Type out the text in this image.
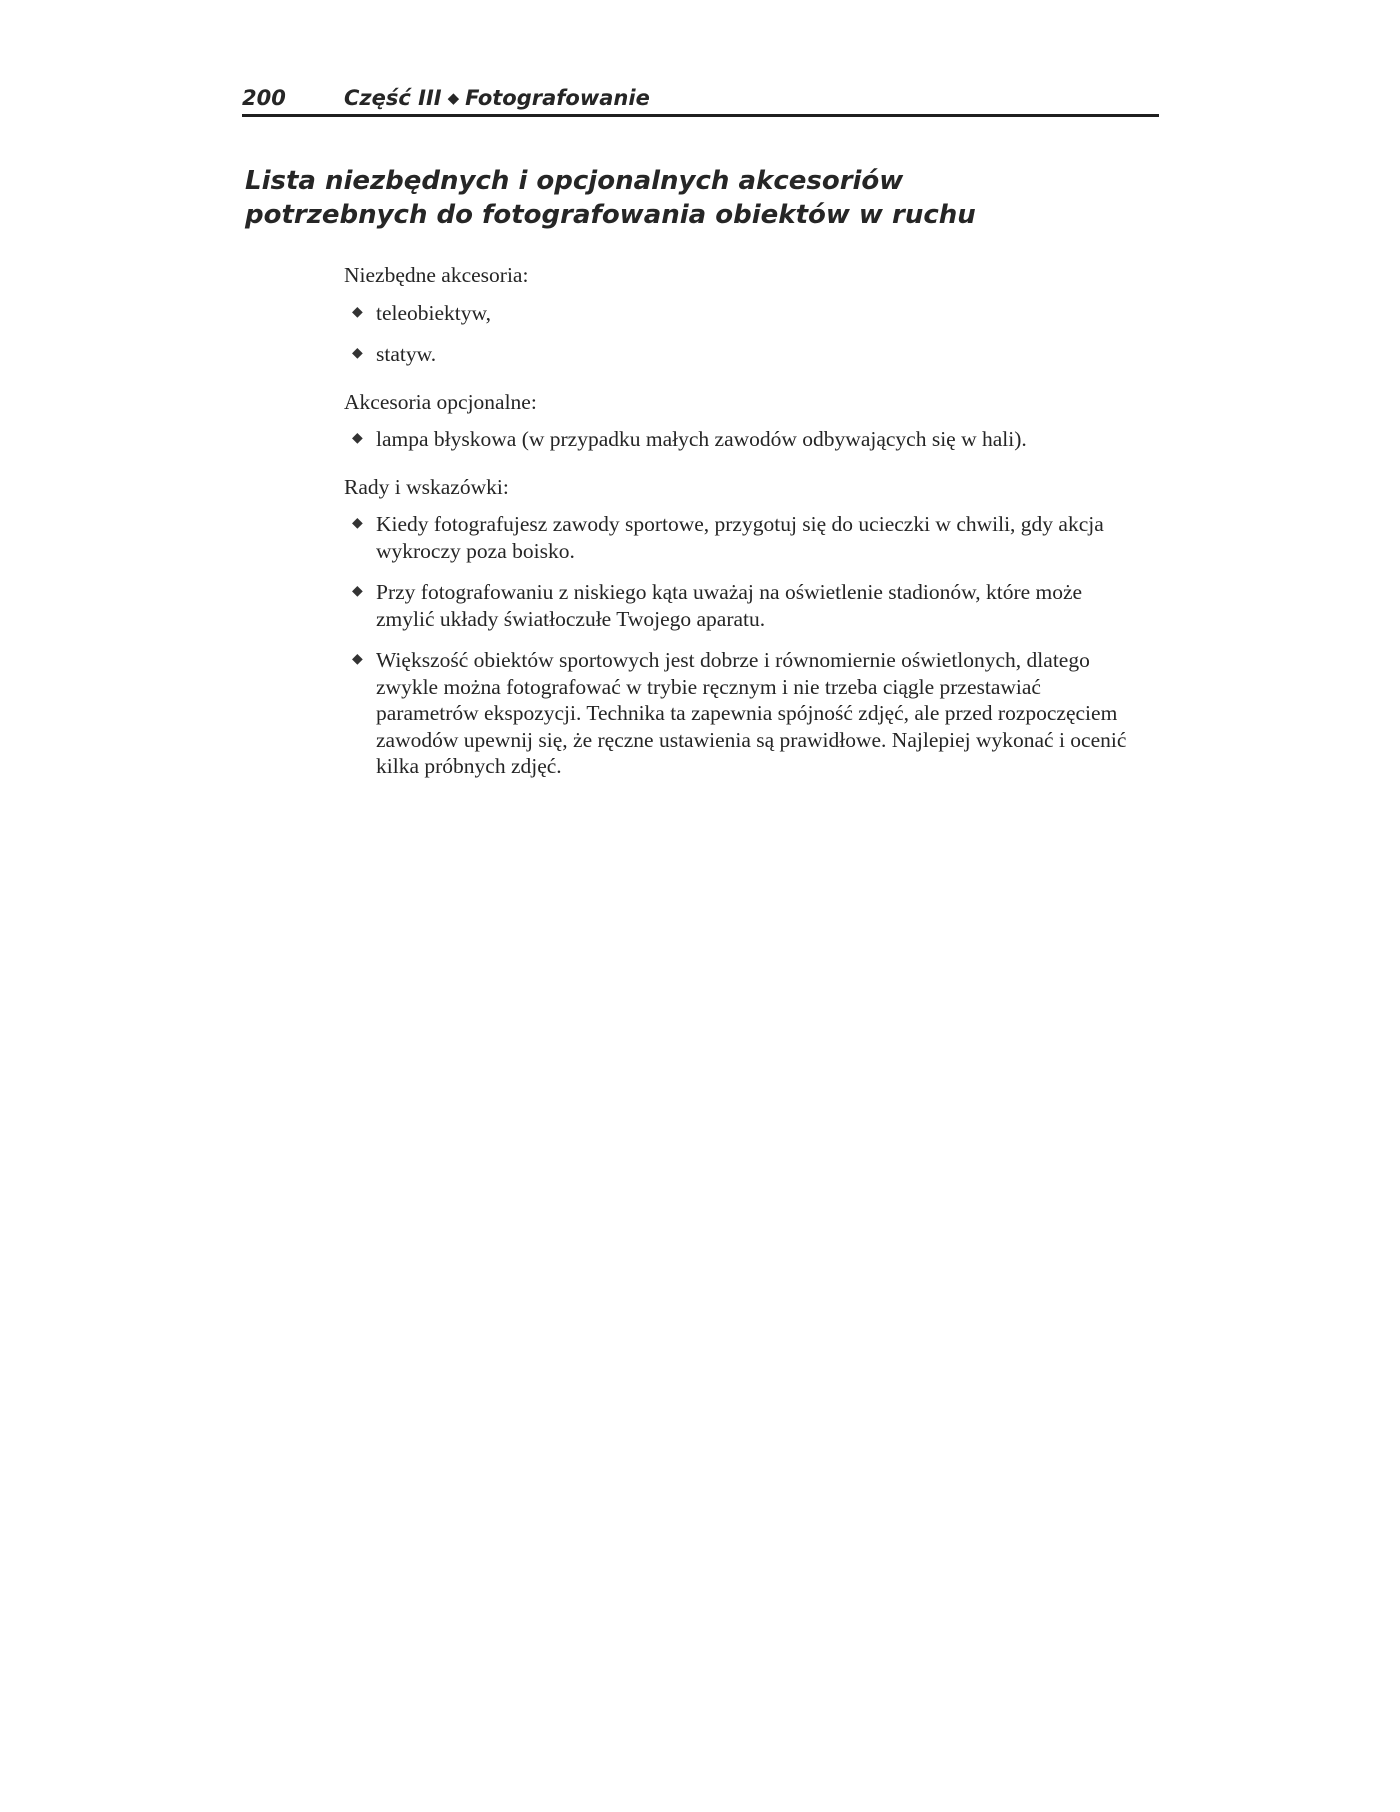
200	Część III ◆ Fotografowanie
Lista niezbędnych i opcjonalnych akcesoriów
potrzebnych do fotografowania obiektów w ruchu

Niezbędne akcesoria:

◆ teleobiektyw,
◆ statyw.

Akcesoria opcjonalne:

◆ lampa błyskowa (w przypadku małych zawodów odbywających się w hali).

Rady i wskazówki:

◆ Kiedy fotografujesz zawody sportowe, przygotuj się do ucieczki w chwili, gdy akcja wykroczy poza boisko.
◆ Przy fotografowaniu z niskiego kąta uważaj na oświetlenie stadionów, które może zmylić układy światłoczułe Twojego aparatu.
◆ Większość obiektów sportowych jest dobrze i równomiernie oświetlonych, dlatego zwykle można fotografować w trybie ręcznym i nie trzeba ciągle przestawiać parametrów ekspozycji. Technika ta zapewnia spójność zdjęć, ale przed rozpoczęciem zawodów upewnij się, że ręczne ustawienia są prawidłowe. Najlepiej wykonać i ocenić kilka próbnych zdjęć.
